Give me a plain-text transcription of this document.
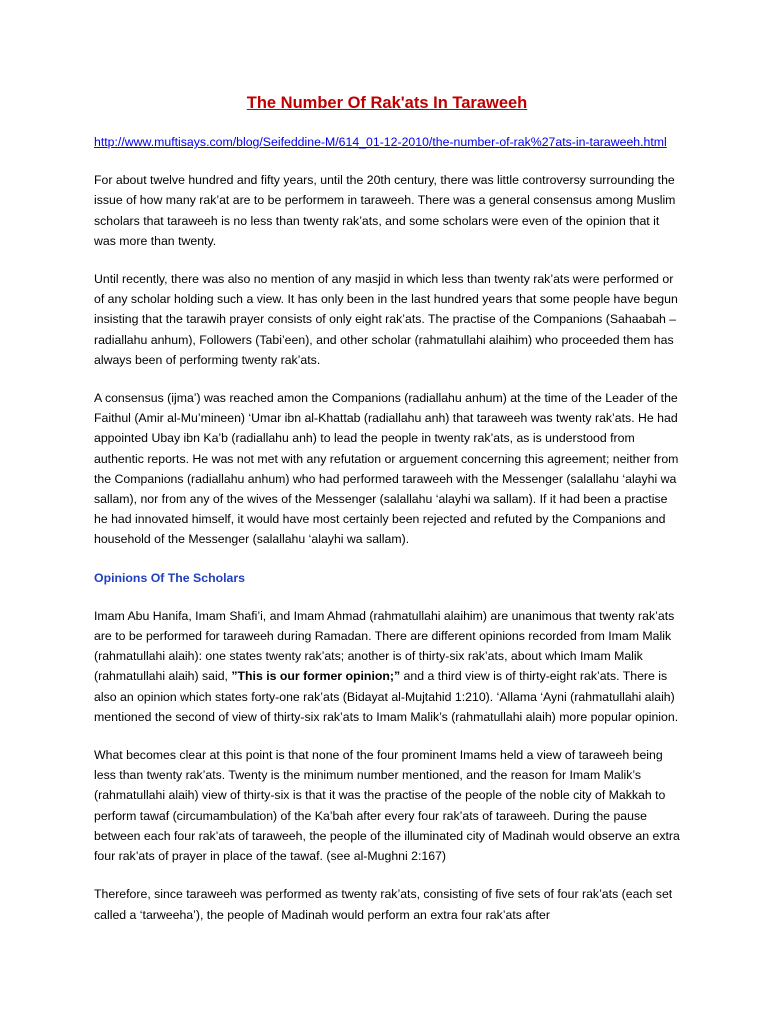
The Number Of Rak'ats In Taraweeh
http://www.muftisays.com/blog/Seifeddine-M/614_01-12-2010/the-number-of-rak%27ats-in-taraweeh.html

For about twelve hundred and fifty years, until the 20th century, there was little controversy surrounding the issue of how many rak’at are to be performem in taraweeh. There was a general consensus among Muslim scholars that taraweeh is no less than twenty rak’ats, and some scholars were even of the opinion that it was more than twenty.

Until recently, there was also no mention of any masjid in which less than twenty rak’ats were performed or of any scholar holding such a view. It has only been in the last hundred years that some people have begun insisting that the tarawih prayer consists of only eight rak’ats. The practise of the Companions (Sahaabah – radiallahu anhum), Followers (Tabi’een), and other scholar (rahmatullahi alaihim) who proceeded them has always been of performing twenty rak’ats.

A consensus (ijma’) was reached amon the Companions (radiallahu anhum) at the time of the Leader of the Faithul (Amir al-Mu’mineen) ‘Umar ibn al-Khattab (radiallahu anh) that taraweeh was twenty rak’ats. He had appointed Ubay ibn Ka’b (radiallahu anh) to lead the people in twenty rak’ats, as is understood from authentic reports. He was not met with any refutation or arguement concerning this agreement; neither from the Companions (radiallahu anhum) who had performed taraweeh with the Messenger (salallahu ‘alayhi wa sallam), nor from any of the wives of the Messenger (salallahu ‘alayhi wa sallam). If it had been a practise he had innovated himself, it would have most certainly been rejected and refuted by the Companions and household of the Messenger (salallahu ‘alayhi wa sallam).

Opinions Of The Scholars

Imam Abu Hanifa, Imam Shafi’i, and Imam Ahmad (rahmatullahi alaihim) are unanimous that twenty rak’ats are to be performed for taraweeh during Ramadan. There are different opinions recorded from Imam Malik (rahmatullahi alaih): one states twenty rak’ats; another is of thirty-six rak’ats, about which Imam Malik (rahmatullahi alaih) said, ”This is our former opinion;” and a third view is of thirty-eight rak’ats. There is also an opinion which states forty-one rak’ats (Bidayat al-Mujtahid 1:210). ‘Allama ‘Ayni (rahmatullahi alaih) mentioned the second of view of thirty-six rak’ats to Imam Malik’s (rahmatullahi alaih) more popular opinion.

What becomes clear at this point is that none of the four prominent Imams held a view of taraweeh being less than twenty rak’ats. Twenty is the minimum number mentioned, and the reason for Imam Malik’s (rahmatullahi alaih) view of thirty-six is that it was the practise of the people of the noble city of Makkah to perform tawaf (circumambulation) of the Ka’bah after every four rak’ats of taraweeh. During the pause between each four rak’ats of taraweeh, the people of the illuminated city of Madinah would observe an extra four rak’ats of prayer in place of the tawaf. (see al-Mughni 2:167)

Therefore, since taraweeh was performed as twenty rak’ats, consisting of five sets of four rak’ats (each set called a ‘tarweeha’), the people of Madinah would perform an extra four rak’ats after
